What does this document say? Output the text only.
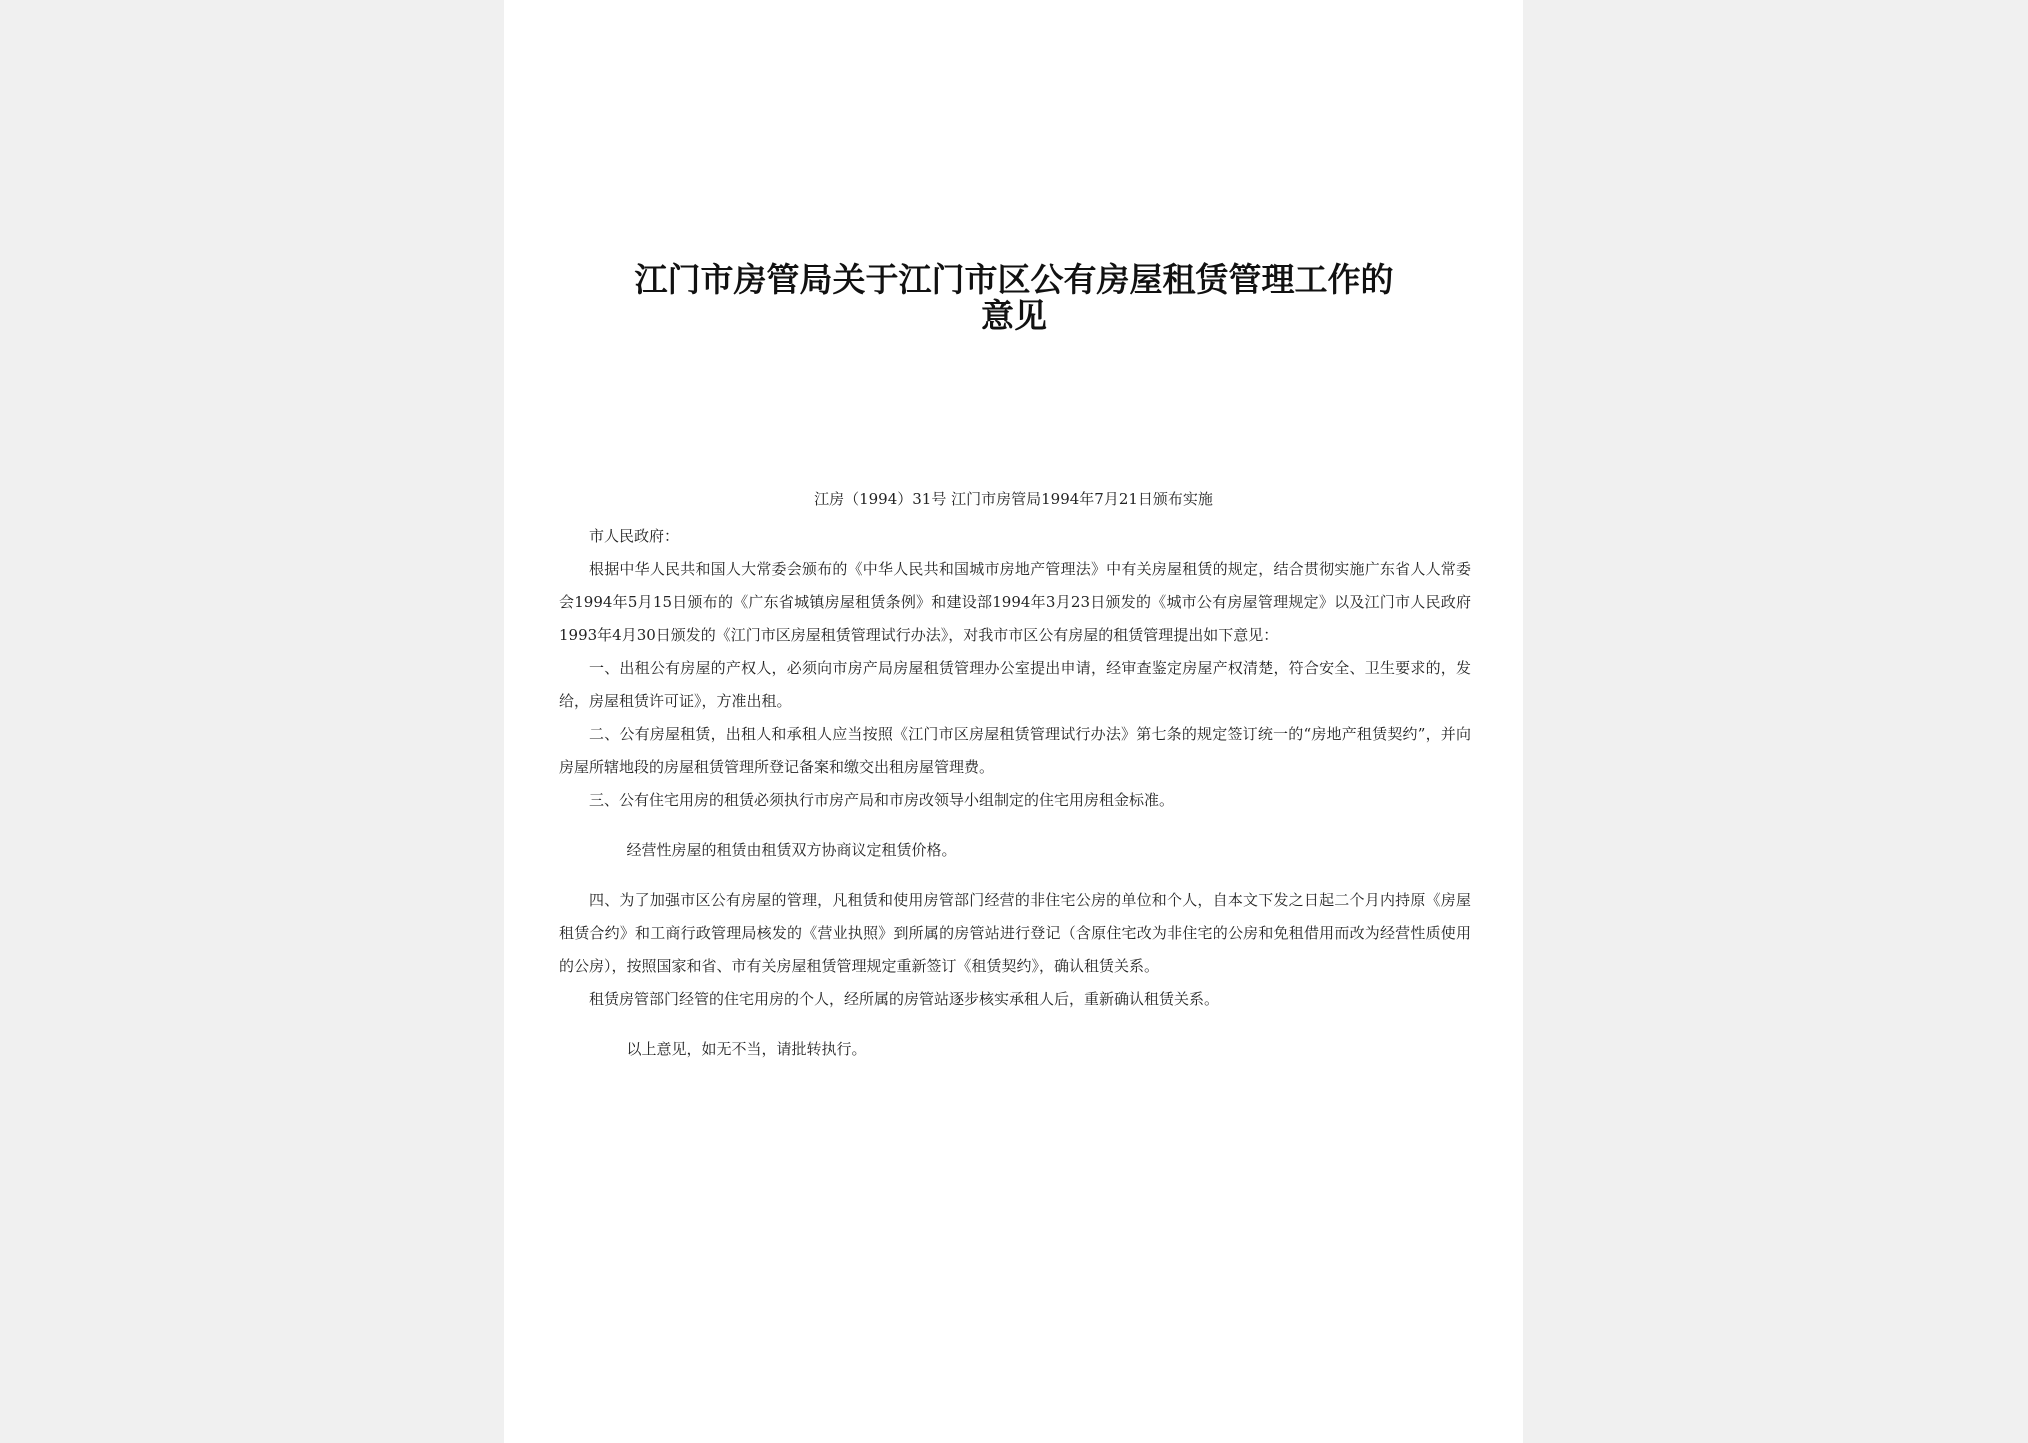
江门市房管局关于江门市区公有房屋租赁管理工作的
意见
江房（1994）31号 江门市房管局1994年7月21日颁布实施

市人民政府：

根据中华人民共和国人大常委会颁布的《中华人民共和国城市房地产管理法》中有关房屋租赁的规定，结合贯彻实施广东省人人常委会1994年5月15日颁布的《广东省城镇房屋租赁条例》和建设部1994年3月23日颁发的《城市公有房屋管理规定》以及江门市人民政府1993年4月30日颁发的《江门市区房屋租赁管理试行办法》，对我市市区公有房屋的租赁管理提出如下意见：

一、出租公有房屋的产权人，必须向市房产局房屋租赁管理办公室提出申请，经审查鉴定房屋产权清楚，符合安全、卫生要求的，发给，房屋租赁许可证》，方准出租。

二、公有房屋租赁，出租人和承租人应当按照《江门市区房屋租赁管理试行办法》第七条的规定签订统一的“房地产租赁契约”，并向房屋所辖地段的房屋租赁管理所登记备案和缴交出租房屋管理费。

三、公有住宅用房的租赁必须执行市房产局和市房改领导小组制定的住宅用房租金标准。

经营性房屋的租赁由租赁双方协商议定租赁价格。

四、为了加强市区公有房屋的管理，凡租赁和使用房管部门经营的非住宅公房的单位和个人，自本文下发之日起二个月内持原《房屋租赁合约》和工商行政管理局核发的《营业执照》到所属的房管站进行登记（含原住宅改为非住宅的公房和免租借用而改为经营性质使用的公房），按照国家和省、市有关房屋租赁管理规定重新签订《租赁契约》，确认租赁关系。

租赁房管部门经管的住宅用房的个人，经所属的房管站逐步核实承租人后，重新确认租赁关系。

以上意见，如无不当，请批转执行。
